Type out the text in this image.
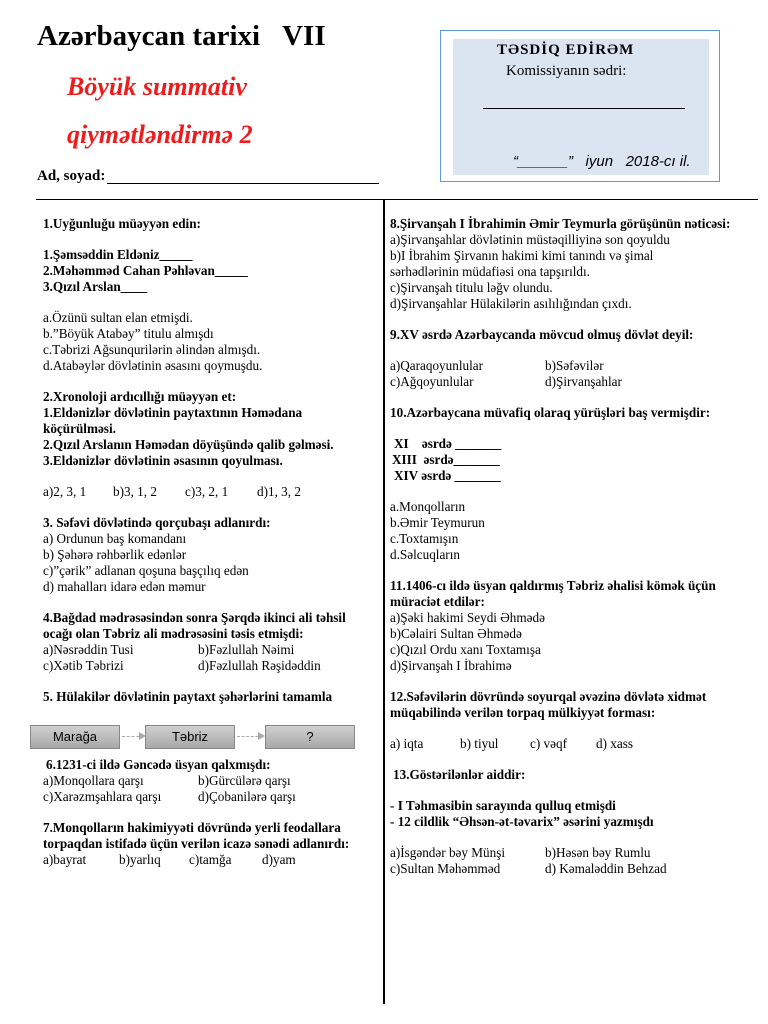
Azərbaycan tarixi VII
Böyük summativ
qiymətləndirmə 2
TƏSDİQ EDİRƏM
Komissiyanın sədri:
“______”   iyun   2018-cı il.
Ad, soyad:
1.Uyğunluğu müəyyən edin:
1.Şəmsəddin Eldəniz_____
2.Məhəmməd Cahan Pəhləvan_____
3.Qızıl Arslan____
a.Özünü sultan elan etmişdi.
b.”Böyük Atabəy” titulu almışdı
c.Təbrizi Ağsunqurilərin əlindən almışdı.
d.Atabəylər dövlətinin əsasını qoymuşdu.
2.Xronoloji ardıcıllığı müəyyən et:
1.Eldənizlər dövlətinin paytaxtının Həmədana köçürülməsi.
2.Qızıl Arslanın Həmədan döyüşündə qalib gəlməsi.
3.Eldənizlər dövlətinin əsasının qoyulması.
a)2, 3, 1	b)3, 1, 2	c)3, 2, 1	d)1, 3, 2
3. Səfəvi dövlətində qorçubaşı adlanırdı:
a) Ordunun baş komandanı
b) Şəhərə rəhbərlik edənlər
c)”çərik” adlanan qoşuna başçılıq edən
d) mahalları idarə edən məmur
4.Bağdad mədrəsəsindən sonra Şərqdə ikinci ali təhsil ocağı olan Təbriz ali mədrəsəsini təsis etmişdi:
a)Nəsrəddin Tusi	b)Fəzlullah Nəimi
c)Xətib Təbrizi	d)Fəzlullah Rəşidəddin
5. Hülakilər dövlətinin paytaxt şəhərlərini tamamla
Marağa	Təbriz	?
6.1231-ci ildə Gəncədə üsyan qalxmışdı:
a)Monqollara qarşı	b)Gürcülərə qarşı
c)Xarəzmşahlara qarşı	d)Çobanilərə qarşı
7.Monqolların hakimiyyəti dövründə yerli feodallara torpaqdan istifadə üçün verilən icazə sənədi adlanırdı:
a)bayrat	b)yarlıq	c)tamğa	d)yam
8.Şirvanşah I İbrahimin Əmir Teymurla görüşünün nəticəsi:
a)Şirvanşahlar dövlətinin müstəqilliyinə son qoyuldu
b)I İbrahim Şirvanın hakimi kimi tanındı və şimal sərhədlərinin müdafiəsi ona tapşırıldı.
c)Şirvanşah titulu ləğv olundu.
d)Şirvanşahlar Hülakilərin asılılığından çıxdı.
9.XV əsrdə Azərbaycanda mövcud olmuş dövlət deyil:
a)Qaraqoyunlular	b)Səfəvilər
c)Ağqoyunlular	d)Şirvanşahlar
10.Azərbaycana müvafiq olaraq yürüşləri baş vermişdir:
XI    əsrdə _______
XIII  əsrdə_______
XIV əsrdə _______
a.Monqolların
b.Əmir Teymurun
c.Toxtamışın
d.Səlcuqların
11.1406-cı ildə üsyan qaldırmış Təbriz əhalisi kömək üçün müraciət etdilər:
a)Şəki hakimi Seydi Əhmədə
b)Cəlairi Sultan Əhmədə
c)Qızıl Ordu xanı Toxtamışa
d)Şirvanşah I İbrahimə
12.Səfəvilərin dövründə soyurqal əvəzinə dövlətə xidmət müqabilində verilən torpaq mülkiyyət forması:
a) iqta	b) tiyul	c) vəqf	d) xass
13.Göstərilənlər aiddir:
- I Təhmasibin sarayında qulluq etmişdi
- 12 cildlik “Əhsən-ət-təvarix” əsərini yazmışdı
a)İsgəndər bəy Münşi	b)Həsən bəy Rumlu
c)Sultan Məhəmməd	d) Kəmaləddin Behzad
